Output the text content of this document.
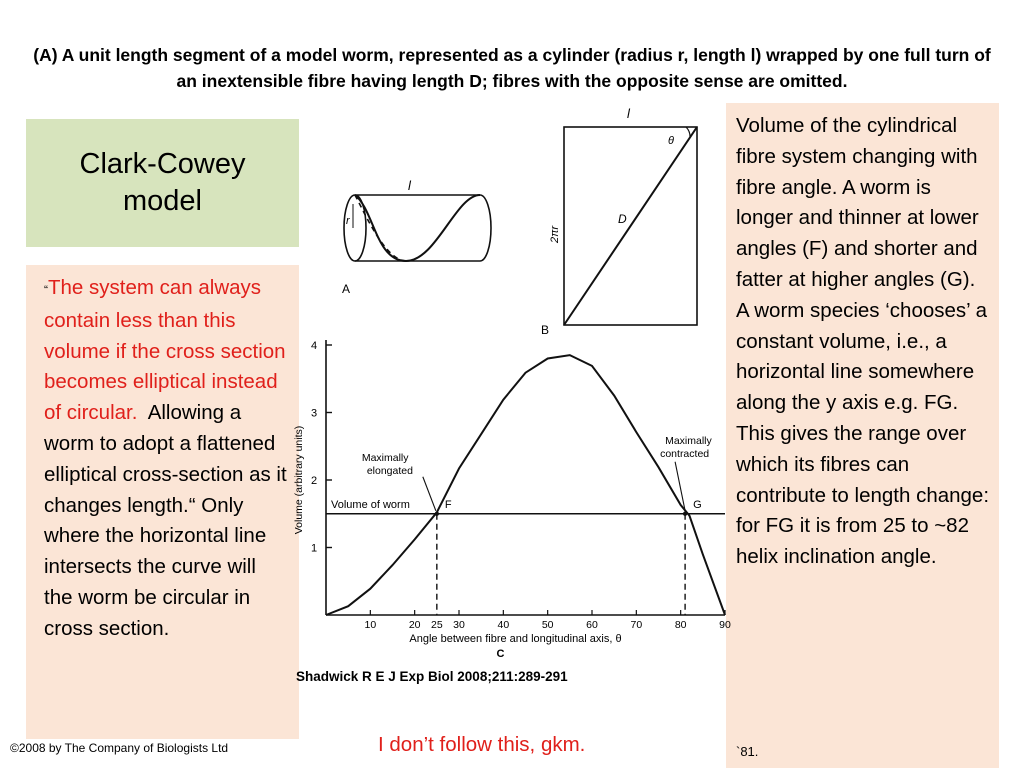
(A) A unit length segment of a model worm, represented as a cylinder (radius r, length l) wrapped by one full turn of an inextensible fibre having length D; fibres with the opposite sense are omitted.
Clark-Cowey model
“The system can always contain less than this volume if the cross section becomes elliptical instead of circular. Allowing a worm to adopt a flattened elliptical cross-section as it changes length.“ Only where the horizontal line intersects the curve will the worm be circular in cross section.
Volume of the cylindrical fibre system changing with fibre angle. A worm is longer and thinner at lower angles (F) and shorter and fatter at higher angles (G). A worm species ‘chooses’ a constant volume, i.e., a horizontal line somewhere along the y axis e.g. FG. This gives the range over which its fibres can contribute to length change: for FG it is from 25 to ~82 helix inclination angle.
`81.
l
r
A
l
θ
D
2πr
B
1
2
3
4
10	20 25 30	40	50	60	70	80	90
Angle between fibre and longitudinal axis, θ
Volume (arbitrary units)
C
Volume of worm	F	G
Maximally
elongated
Maximally
contracted
Shadwick R E J Exp Biol 2008;211:289-291
©2008 by The Company of Biologists Ltd	I don’t follow this, gkm.
